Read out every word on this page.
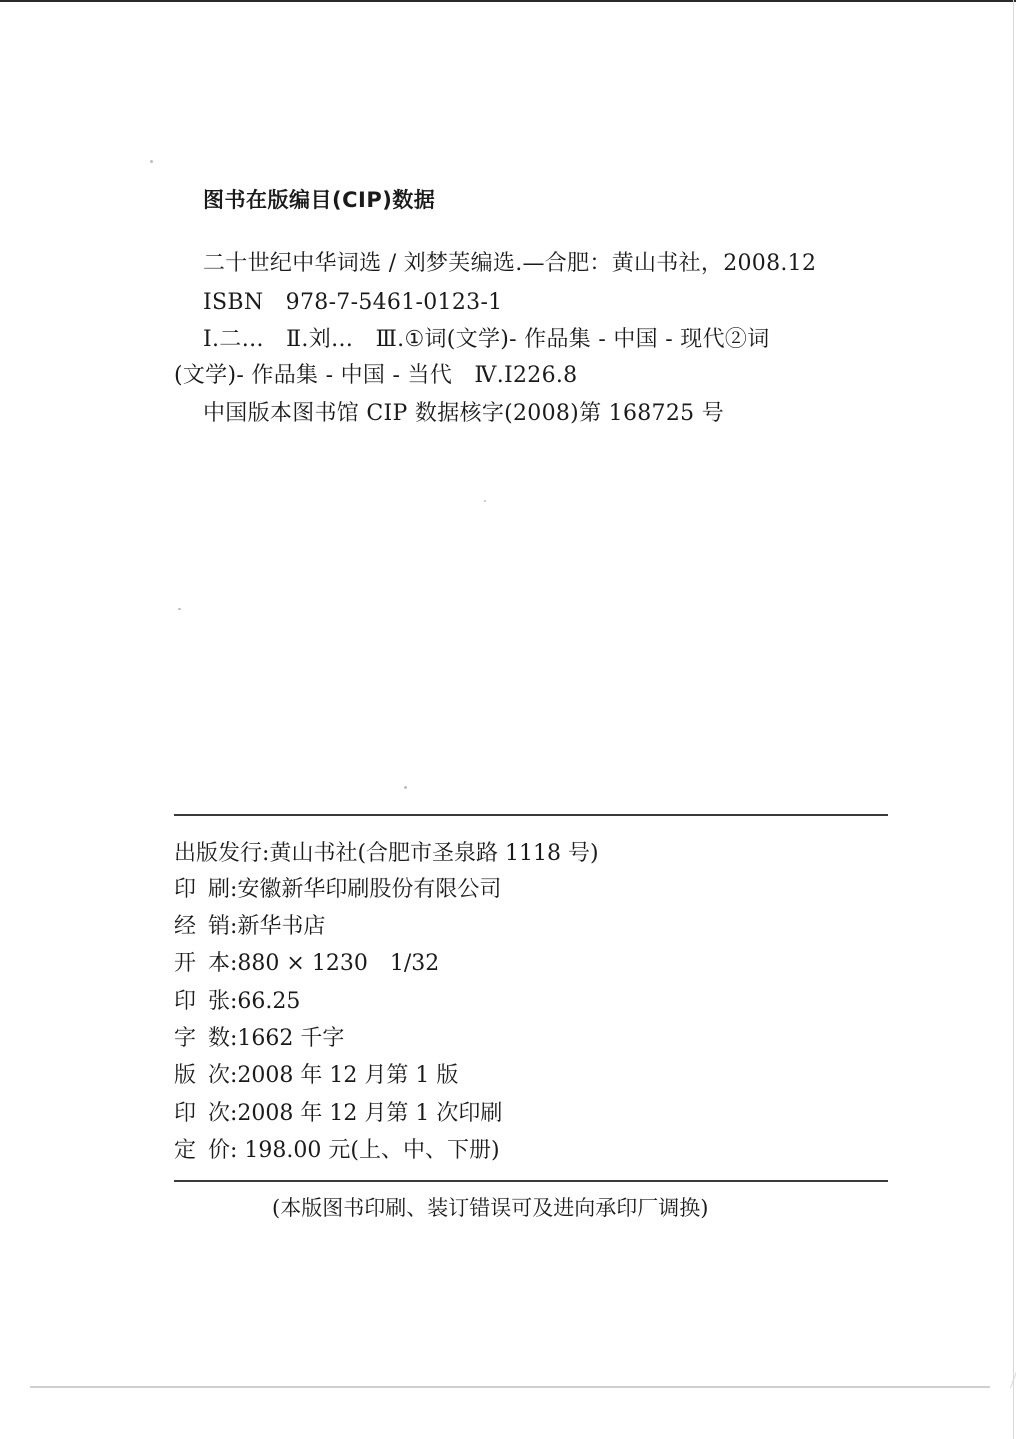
图书在版编目(CIP)数据
二十世纪中华词选 / 刘梦芙编选.—合肥：黄山书社，2008.12
ISBN　978-7-5461-0123-1
Ⅰ.二…　Ⅱ.刘…　Ⅲ.①词(文学)- 作品集 - 中国 - 现代②词
(文学)- 作品集 - 中国 - 当代　Ⅳ.Ⅰ226.8
中国版本图书馆 CIP 数据核字(2008)第 168725 号
出版发行:黄山书社(合肥市圣泉路 1118 号)
印刷:安徽新华印刷股份有限公司
经销:新华书店
开本:880 × 1230　1/32
印张:66.25
字数:1662 千字
版次:2008 年 12 月第 1 版
印次:2008 年 12 月第 1 次印刷
定价: 198.00 元(上、中、下册)
(本版图书印刷、装订错误可及进向承印厂调换)
